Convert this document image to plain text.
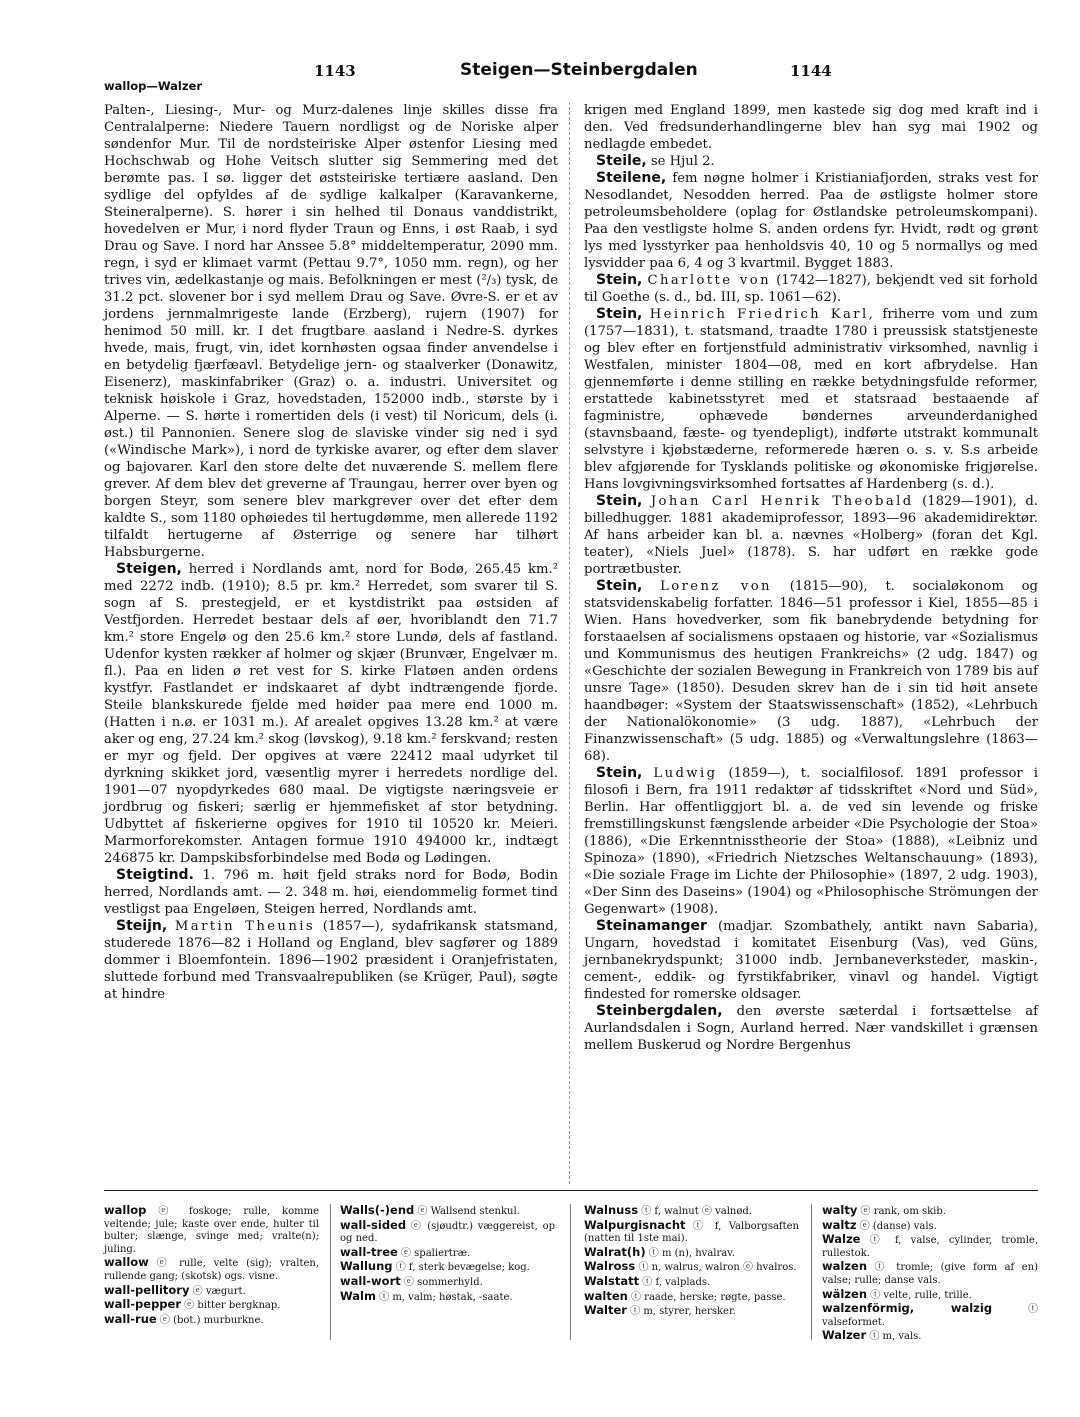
wallop—Walzer
1143	Steigen—Steinbergdalen	1144

Palten-, Liesing-, Mur- og Murz-dalenes linje skilles disse fra Centralalperne: Niedere Tauern nordligst og de Noriske alper søndenfor Mur. Til de nordsteiriske Alper østenfor Liesing med Hochschwab og Hohe Veitsch slutter sig Semmering med det berømte pas. I sø. ligger det øststeiriske tertiære aasland. Den sydlige del opfyldes af de sydlige kalkalper (Karavankerne, Steineralperne). S. hører i sin helhed til Donaus vanddistrikt, hovedelven er Mur, i nord flyder Traun og Enns, i øst Raab, i syd Drau og Save. I nord har Anssee 5.8° middeltemperatur, 2090 mm. regn, i syd er klimaet varmt (Pettau 9.7°, 1050 mm. regn), og her trives vin, ædelkastanje og mais. Befolkningen er mest (²/₃) tysk, de 31.2 pct. slovener bor i syd mellem Drau og Save. Øvre-S. er et av jordens jernmalmrigeste lande (Erzberg), rujern (1907) for henimod 50 mill. kr. I det frugtbare aasland i Nedre-S. dyrkes hvede, mais, frugt, vin, idet kornhøsten ogsaa finder anvendelse i en betydelig fjærfæavl. Betydelige jern- og staalverker (Donawitz, Eisenerz), maskinfabriker (Graz) o. a. industri. Universitet og teknisk høiskole i Graz, hovedstaden, 152000 indb., største by i Alperne. — S. hørte i romertiden dels (i vest) til Noricum, dels (i. øst.) til Pannonien. Senere slog de slaviske vinder sig ned i syd («Windische Mark»), i nord de tyrkiske avarer, og efter dem slaver og bajovarer. Karl den store delte det nuværende S. mellem flere grever. Af dem blev det greverne af Traungau, herrer over byen og borgen Steyr, som senere blev markgrever over det efter dem kaldte S., som 1180 ophøiedes til hertugdømme, men allerede 1192 tilfaldt hertugerne af Østerrige og senere har tilhørt Habsburgerne.

Steigen, herred i Nordlands amt, nord for Bodø, 265.45 km.² med 2272 indb. (1910); 8.5 pr. km.² Herredet, som svarer til S. sogn af S. prestegjeld, er et kystdistrikt paa østsiden af Vestfjorden. Herredet bestaar dels af øer, hvoriblandt den 71.7 km.² store Engelø og den 25.6 km.² store Lundø, dels af fastland. Udenfor kysten rækker af holmer og skjær (Brunvær, Engelvær m. fl.). Paa en liden ø ret vest for S. kirke Flatøen anden ordens kystfyr. Fastlandet er indskaaret af dybt indtrængende fjorde. Steile blankskurede fjelde med høider paa mere end 1000 m. (Hatten i n.ø. er 1031 m.). Af arealet opgives 13.28 km.² at være aker og eng, 27.24 km.² skog (løvskog), 9.18 km.² ferskvand; resten er myr og fjeld. Der opgives at være 22412 maal udyrket til dyrkning skikket jord, væsentlig myrer i herredets nordlige del. 1901—07 nyopdyrkedes 680 maal. De vigtigste næringsveie er jordbrug og fiskeri; særlig er hjemmefisket af stor betydning. Udbyttet af fiskerierne opgives for 1910 til 10520 kr. Meieri. Marmorforekomster. Antagen formue 1910 494000 kr., indtægt 246875 kr. Dampskibsforbindelse med Bodø og Lødingen.

Steigtind. 1. 796 m. høit fjeld straks nord for Bodø, Bodin herred, Nordlands amt. — 2. 348 m. høi, eiendommelig formet tind vestligst paa Engeløen, Steigen herred, Nordlands amt.

Steijn, Martin Theunis (1857—), sydafrikansk statsmand, studerede 1876—82 i Holland og England, blev sagfører og 1889 dommer i Bloemfontein. 1896—1902 præsident i Oranjefristaten, sluttede forbund med Transvaalrepubliken (se Krüger, Paul), søgte at hindre

krigen med England 1899, men kastede sig dog med kraft ind i den. Ved fredsunderhandlingerne blev han syg mai 1902 og nedlagde embedet.

Steile, se Hjul 2.

Steilene, fem nøgne holmer i Kristianiafjorden, straks vest for Nesodlandet, Nesodden herred. Paa de østligste holmer store petroleumsbeholdere (oplag for Østlandske petroleumskompani). Paa den vestligste holme S. anden ordens fyr. Hvidt, rødt og grønt lys med lysstyrker paa henholdsvis 40, 10 og 5 normallys og med lysvidder paa 6, 4 og 3 kvartmil. Bygget 1883.

Stein, Charlotte von (1742—1827), bekjendt ved sit forhold til Goethe (s. d., bd. III, sp. 1061—62).

Stein, Heinrich Friedrich Karl, friherre vom und zum (1757—1831), t. statsmand, traadte 1780 i preussisk statstjeneste og blev efter en fortjenstfuld administrativ virksomhed, navnlig i Westfalen, minister 1804—08, med en kort afbrydelse. Han gjennemførte i denne stilling en række betydningsfulde reformer, erstattede kabinetsstyret med et statsraad bestaaende af fagministre, ophævede bøndernes arveunderdanighed (stavnsbaand, fæste- og tyendepligt), indførte utstrakt kommunalt selvstyre i kjøbstæderne, reformerede hæren o. s. v. S.s arbeide blev afgjørende for Tysklands politiske og økonomiske frigjørelse. Hans lovgivningsvirksomhed fortsattes af Hardenberg (s. d.).

Stein, Johan Carl Henrik Theobald (1829—1901), d. billedhugger. 1881 akademiprofessor, 1893—96 akademidirektør. Af hans arbeider kan bl. a. nævnes «Holberg» (foran det Kgl. teater), «Niels Juel» (1878). S. har udført en række gode portrætbuster.

Stein, Lorenz von (1815—90), t. socialøkonom og statsvidenskabelig forfatter. 1846—51 professor i Kiel, 1855—85 i Wien. Hans hovedverker, som fik banebrydende betydning for forstaaelsen af socialismens opstaaen og historie, var «Sozialismus und Kommunismus des heutigen Frankreichs» (2 udg. 1847) og «Geschichte der sozialen Bewegung in Frankreich von 1789 bis auf unsre Tage» (1850). Desuden skrev han de i sin tid høit ansete haandbøger: «System der Staatswissenschaft» (1852), «Lehrbuch der Nationalökonomie» (3 udg. 1887), «Lehrbuch der Finanzwissenschaft» (5 udg. 1885) og «Verwaltungslehre (1863—68).

Stein, Ludwig (1859—), t. socialfilosof. 1891 professor i filosofi i Bern, fra 1911 redaktør af tidsskriftet «Nord und Süd», Berlin. Har offentliggjort bl. a. de ved sin levende og friske fremstillingskunst fængslende arbeider «Die Psychologie der Stoa» (1886), «Die Erkenntnisstheorie der Stoa» (1888), «Leibniz und Spinoza» (1890), «Friedrich Nietzsches Weltanschauung» (1893), «Die soziale Frage im Lichte der Philosophie» (1897, 2 udg. 1903), «Der Sinn des Daseins» (1904) og «Philosophische Strömungen der Gegenwart» (1908).

Steinamanger (madjar. Szombathely, antikt navn Sabaria), Ungarn, hovedstad i komitatet Eisenburg (Vas), ved Güns, jernbanekrydspunkt; 31000 indb. Jernbaneverksteder, maskin-, cement-, eddik- og fyrstikfabriker, vinavl og handel. Vigtigt findested for romerske oldsager.

Steinbergdalen, den øverste sæterdal i fortsættelse af Aurlandsdalen i Sogn, Aurland herred. Nær vandskillet i grænsen mellem Buskerud og Nordre Bergenhus

wallop ⓔ foskoge; rulle, komme veltende; jule; kaste over ende, hulter til bulter; slænge, svinge med; vralte(n); juling.

wallow ⓔ rulle, velte (sig); vralten, rullende gang; (skotsk) ogs. visne.

wall-pellitory ⓔ vægurt.

wall-pepper ⓔ bitter bergknap.

wall-rue ⓔ (bot.) murburkne.

Walls(-)end ⓔ Wallsend stenkul.

wall-sided ⓔ (sjøudtr.) væggereist, op og ned.

wall-tree ⓔ spaliertræ.

Wallung ⓣ f, sterk bevægelse; kog.

wall-wort ⓔ sommerhyld.

Walm ⓣ m, valm; høstak, -saate.

Walnuss ⓣ f, walnut ⓔ valnød.

Walpurgisnacht ⓣ f, Valborgsaften (natten til 1ste mai).

Walrat(h) ⓣ m (n), hvalrav.

Walross ⓣ n, walrus, walron ⓔ hvalros.

Walstatt ⓣ f, valplads.

walten ⓣ raade, herske; røgte, passe.

Walter ⓣ m, styrer, hersker.

walty ⓔ rank, om skib.

waltz ⓔ (danse) vals.

Walze ⓣ f, valse, cylinder, tromle, rullestok.

walzen ⓣ tromle; (give form af en) valse; rulle; danse vals.

wälzen ⓣ velte, rulle, trille.

walzenförmig, walzig	ⓣ valseformet.

Walzer ⓣ m, vals.
